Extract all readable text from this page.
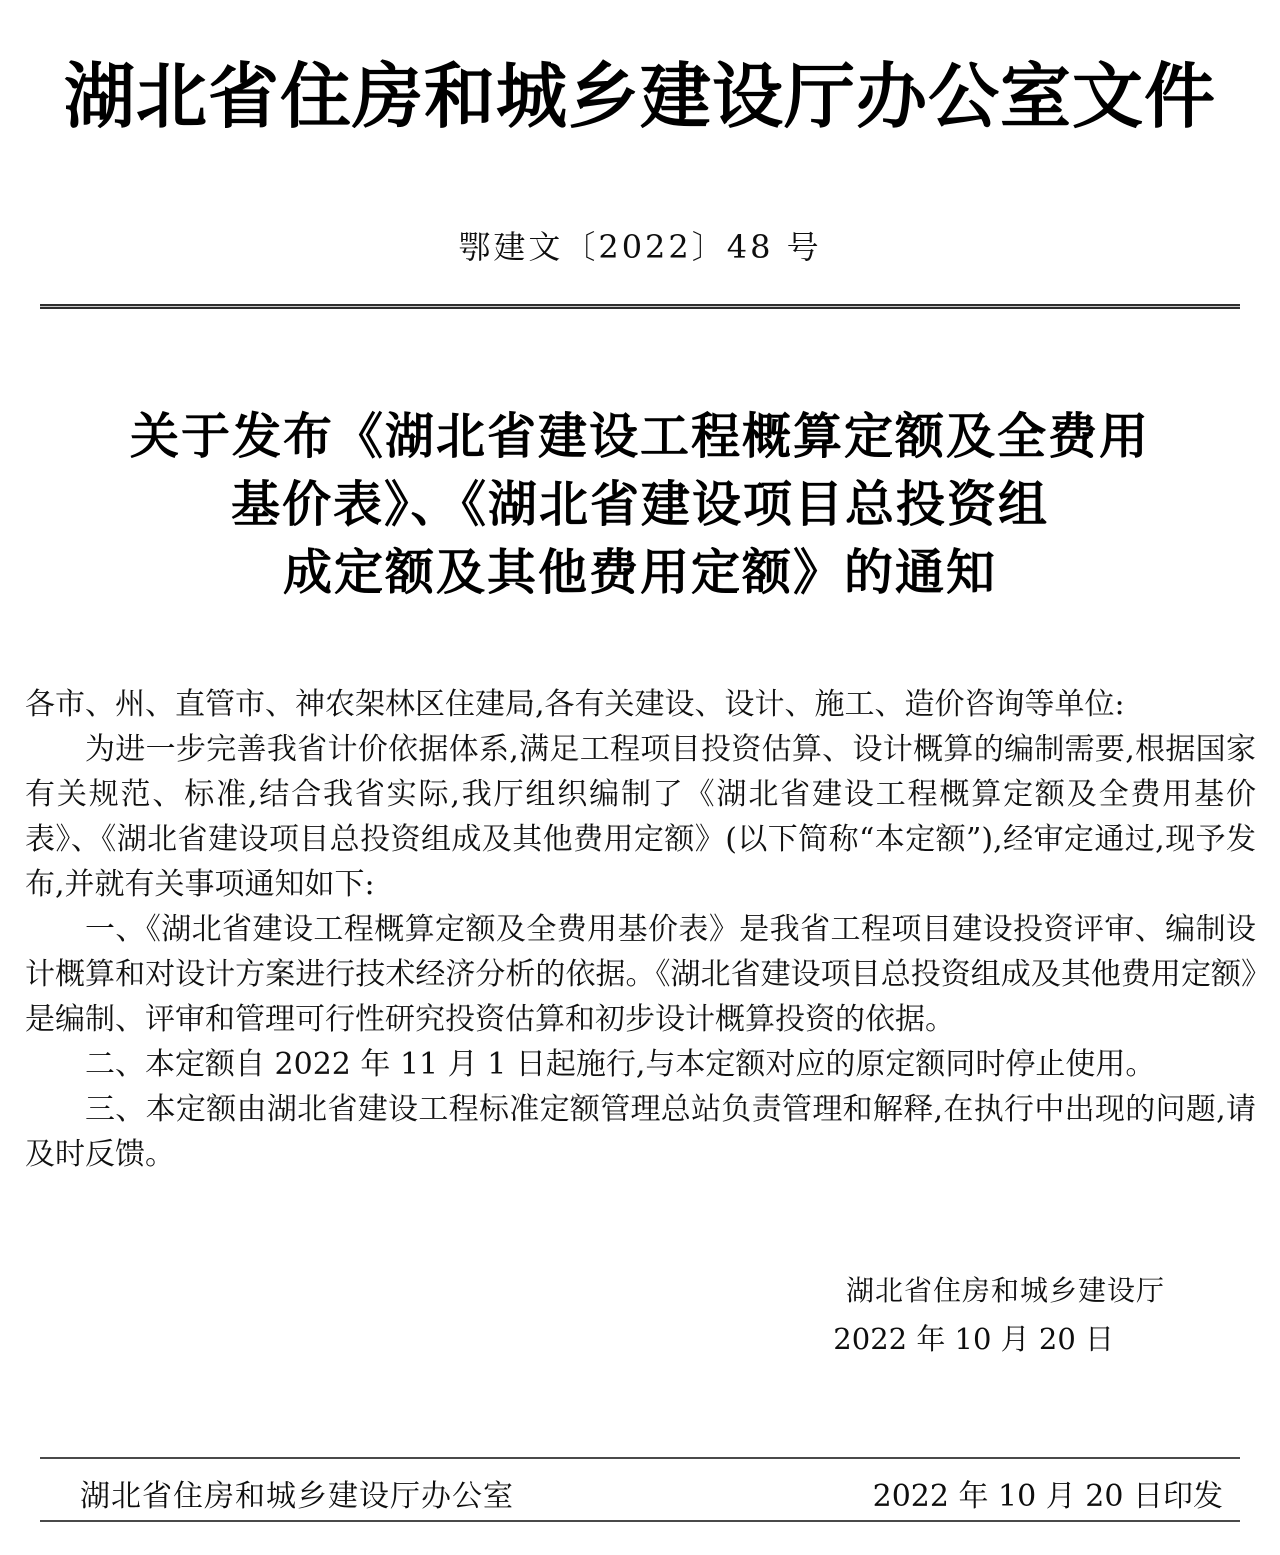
湖北省住房和城乡建设厅办公室文件
鄂建文〔2022〕48 号
关于发布《湖北省建设工程概算定额及全费用
基价表》、《湖北省建设项目总投资组
成定额及其他费用定额》的通知

各市、州、直管市、神农架林区住建局,各有关建设、设计、施工、造价咨询等单位:

为进一步完善我省计价依据体系,满足工程项目投资估算、设计概算的编制需要,根据国家有关规范、标准,结合我省实际,我厅组织编制了《湖北省建设工程概算定额及全费用基价表》、《湖北省建设项目总投资组成及其他费用定额》(以下简称“本定额”),经审定通过,现予发布,并就有关事项通知如下:

一、《湖北省建设工程概算定额及全费用基价表》是我省工程项目建设投资评审、编制设计概算和对设计方案进行技术经济分析的依据。《湖北省建设项目总投资组成及其他费用定额》是编制、评审和管理可行性研究投资估算和初步设计概算投资的依据。

二、本定额自 2022 年 11 月 1 日起施行,与本定额对应的原定额同时停止使用。

三、本定额由湖北省建设工程标准定额管理总站负责管理和解释,在执行中出现的问题,请及时反馈。

湖北省住房和城乡建设厅
2022 年 10 月 20 日
湖北省住房和城乡建设厅办公室	2022 年 10 月 20 日印发
